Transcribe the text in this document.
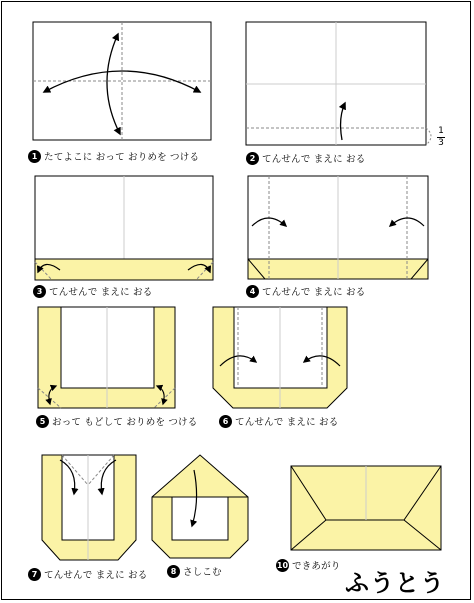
1
3
1 たてよこに おって おりめを つける	2 てんせんで まえに おる
3 てんせんで まえに おる	4 てんせんで まえに おる
5 おって もどして おりめを つける	6 てんせんで まえに おる
7 てんせんで まえに おる	8 さしこむ
10 できあがり
ふうとう
